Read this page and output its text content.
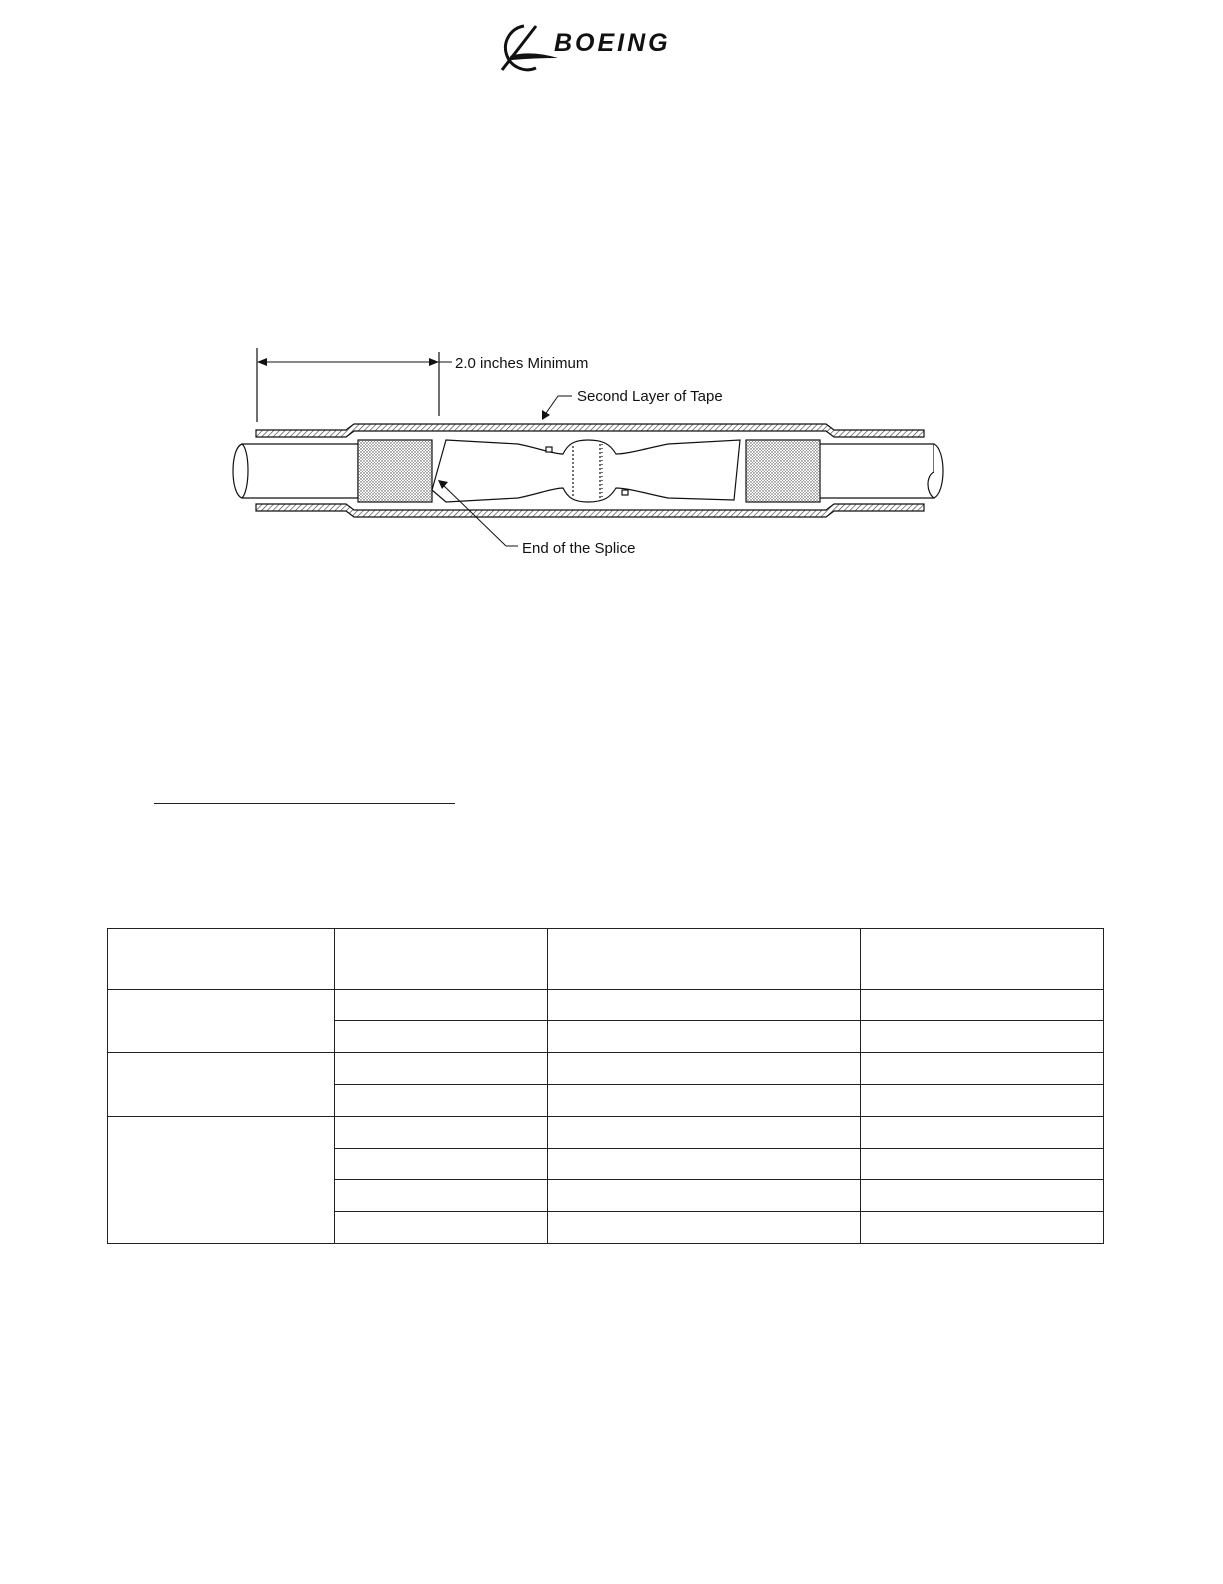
BOEING
2.0 inches Minimum
Second Layer of Tape
End of the Splice
